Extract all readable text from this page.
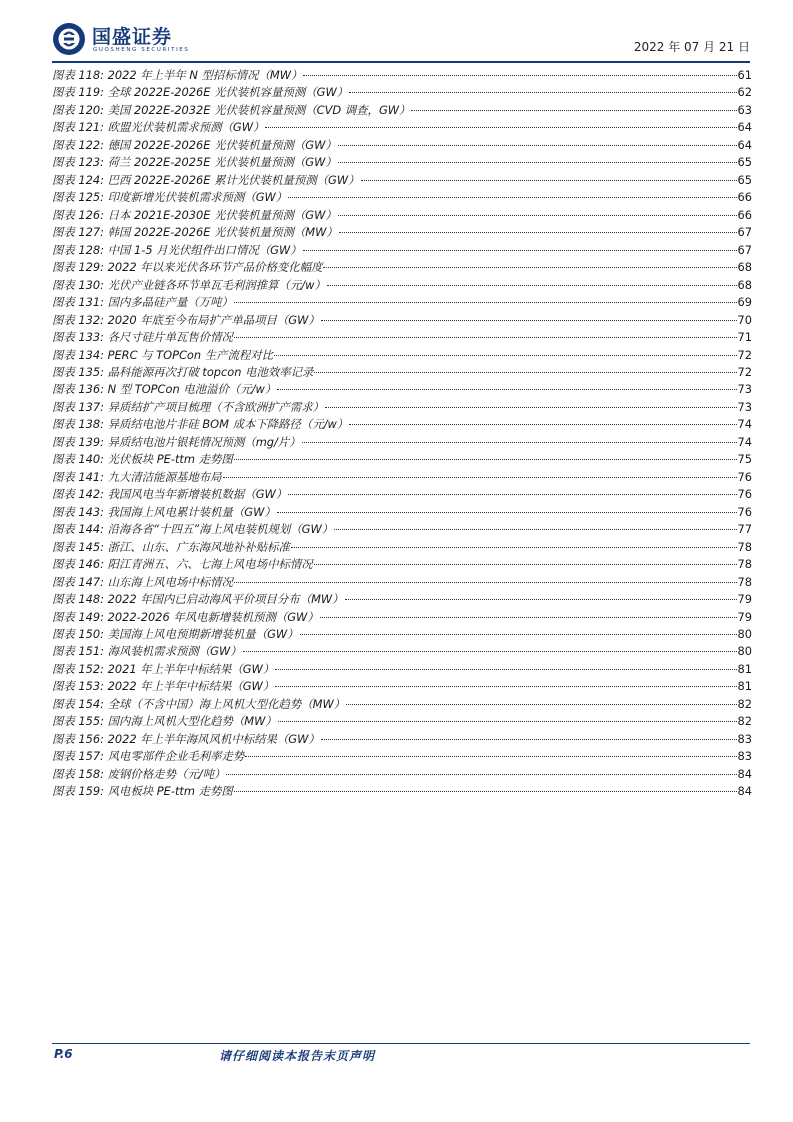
国盛证券
GUOSHENG SECURITIES	2022 年 07 月 21 日
图表 118: 2022 年上半年 N 型招标情况（MW）	61
图表 119: 全球 2022E-2026E 光伏装机容量预测（GW）	62
图表 120: 美国 2022E-2032E 光伏装机容量预测（CVD 调查，GW）	63
图表 121: 欧盟光伏装机需求预测（GW）	64
图表 122: 德国 2022E-2026E 光伏装机量预测（GW）	64
图表 123: 荷兰 2022E-2025E 光伏装机量预测（GW）	65
图表 124: 巴西 2022E-2026E 累计光伏装机量预测（GW）	65
图表 125: 印度新增光伏装机需求预测（GW）	66
图表 126: 日本 2021E-2030E 光伏装机量预测（GW）	66
图表 127: 韩国 2022E-2026E 光伏装机量预测（MW）	67
图表 128: 中国 1-5 月光伏组件出口情况（GW）	67
图表 129: 2022 年以来光伏各环节产品价格变化幅度	68
图表 130: 光伏产业链各环节单瓦毛利润推算（元/w）	68
图表 131: 国内多晶硅产量（万吨）	69
图表 132: 2020 年底至今布局扩产单晶项目（GW）	70
图表 133: 各尺寸硅片单瓦售价情况	71
图表 134: PERC 与 TOPCon 生产流程对比	72
图表 135: 晶科能源再次打破 topcon 电池效率记录	72
图表 136: N 型 TOPCon 电池溢价（元/w）	73
图表 137: 异质结扩产项目梳理（不含欧洲扩产需求）	73
图表 138: 异质结电池片非硅 BOM 成本下降路径（元/w）	74
图表 139: 异质结电池片银耗情况预测（mg/片）	74
图表 140: 光伏板块 PE-ttm 走势图	75
图表 141: 九大清洁能源基地布局	76
图表 142: 我国风电当年新增装机数据（GW）	76
图表 143: 我国海上风电累计装机量（GW）	76
图表 144: 沿海各省“十四五”海上风电装机规划（GW）	77
图表 145: 浙江、山东、广东海风地补补贴标准	78
图表 146: 阳江青洲五、六、七海上风电场中标情况	78
图表 147: 山东海上风电场中标情况	78
图表 148: 2022 年国内已启动海风平价项目分布（MW）	79
图表 149: 2022-2026 年风电新增装机预测（GW）	79
图表 150: 美国海上风电预期新增装机量（GW）	80
图表 151: 海风装机需求预测（GW）	80
图表 152: 2021 年上半年中标结果（GW）	81
图表 153: 2022 年上半年中标结果（GW）	81
图表 154: 全球（不含中国）海上风机大型化趋势（MW）	82
图表 155: 国内海上风机大型化趋势（MW）	82
图表 156: 2022 年上半年海风风机中标结果（GW）	83
图表 157: 风电零部件企业毛利率走势	83
图表 158: 废钢价格走势（元/吨）	84
图表 159: 风电板块 PE-ttm 走势图	84
P.6	请仔细阅读本报告末页声明
